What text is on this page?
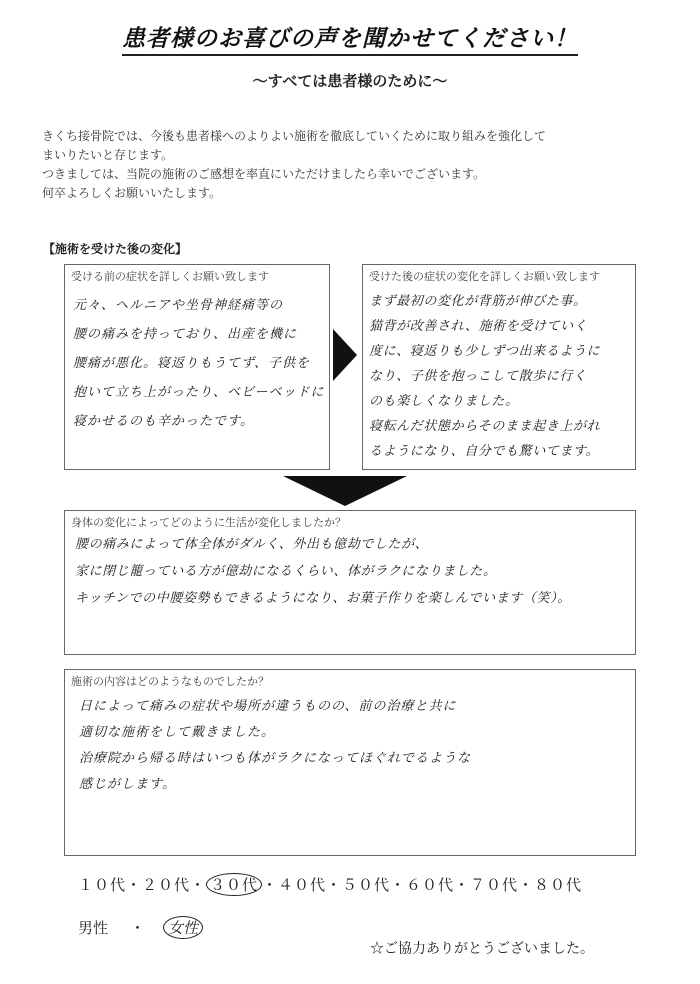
患者様のお喜びの声を聞かせてください！
～すべては患者様のために～

きくち接骨院では、今後も患者様へのよりよい施術を徹底していくために取り組みを強化して

まいりたいと存じます。

つきましては、当院の施術のご感想を率直にいただけましたら幸いでございます。

何卒よろしくお願いいたします。

【施術を受けた後の変化】
受ける前の症状を詳しくお願い致します

元々、ヘルニアや坐骨神経痛等の

腰の痛みを持っており、出産を機に

腰痛が悪化。寝返りもうてず、子供を

抱いて立ち上がったり、ベビーベッドに

寝かせるのも辛かったです。

受けた後の症状の変化を詳しくお願い致します

まず最初の変化が背筋が伸びた事。

猫背が改善され、施術を受けていく

度に、寝返りも少しずつ出来るように

なり、子供を抱っこして散歩に行く

のも楽しくなりました。

寝転んだ状態からそのまま起き上がれ

るようになり、自分でも驚いてます。

身体の変化によってどのように生活が変化しましたか？

腰の痛みによって体全体がダルく、外出も億劫でしたが、

家に閉じ籠っている方が億劫になるくらい、体がラクになりました。

キッチンでの中腰姿勢もできるようになり、お菓子作りを楽しんでいます（笑）。

施術の内容はどのようなものでしたか？

日によって痛みの症状や場所が違うものの、前の治療と共に

適切な施術をして戴きました。

治療院から帰る時はいつも体がラクになってほぐれでるような

感じがします。

１０代・２０代・ ３０代 ・４０代・５０代・６０代・７０代・８０代
男性 ・ 女性
☆ご協力ありがとうございました。
